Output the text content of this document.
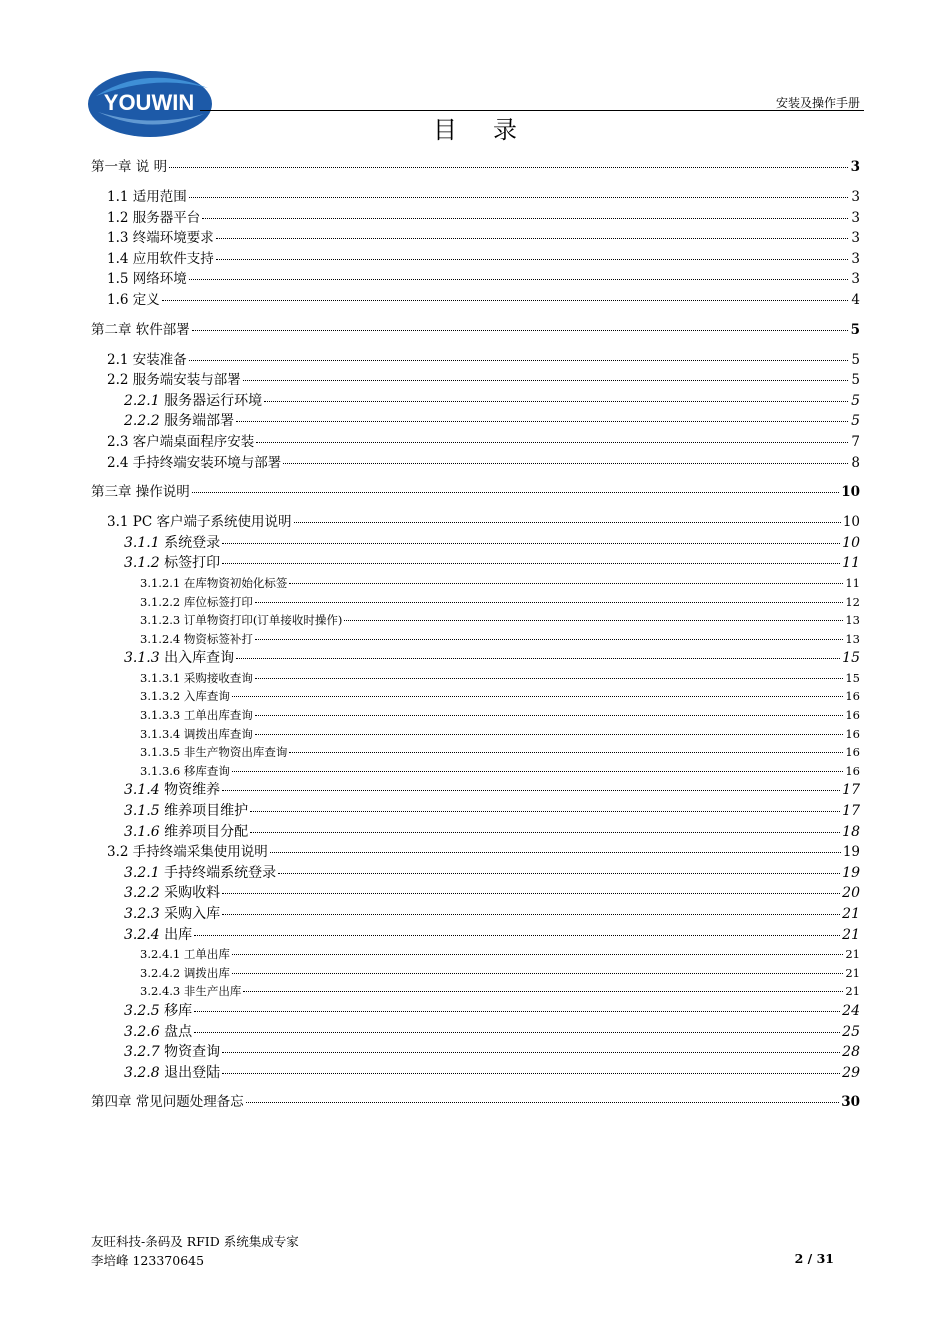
YOUWIN	安装及操作手册
目录
第一章 说 明	3
1.1 适用范围	3
1.2 服务器平台	3
1.3 终端环境要求	3
1.4 应用软件支持	3
1.5 网络环境	3
1.6 定义	4
第二章 软件部署	5
2.1 安装准备	5
2.2 服务端安装与部署	5
2.2.1 服务器运行环境	5
2.2.2 服务端部署	5
2.3 客户端桌面程序安装	7
2.4 手持终端安装环境与部署	8
第三章 操作说明	10
3.1 PC 客户端子系统使用说明	10
3.1.1 系统登录	10
3.1.2 标签打印	11
3.1.2.1 在库物资初始化标签	11
3.1.2.2 库位标签打印	12
3.1.2.3 订单物资打印(订单接收时操作)	13
3.1.2.4 物资标签补打	13
3.1.3 出入库查询	15
3.1.3.1 采购接收查询	15
3.1.3.2 入库查询	16
3.1.3.3 工单出库查询	16
3.1.3.4 调拨出库查询	16
3.1.3.5 非生产物资出库查询	16
3.1.3.6 移库查询	16
3.1.4 物资维养	17
3.1.5 维养项目维护	17
3.1.6 维养项目分配	18
3.2 手持终端采集使用说明	19
3.2.1 手持终端系统登录	19
3.2.2 采购收料	20
3.2.3 采购入库	21
3.2.4 出库	21
3.2.4.1 工单出库	21
3.2.4.2 调拨出库	21
3.2.4.3 非生产出库	21
3.2.5 移库	24
3.2.6 盘点	25
3.2.7 物资查询	28
3.2.8 退出登陆	29
第四章 常见问题处理备忘	30
友旺科技-条码及 RFID 系统集成专家
李培峰 123370645	2 / 31
